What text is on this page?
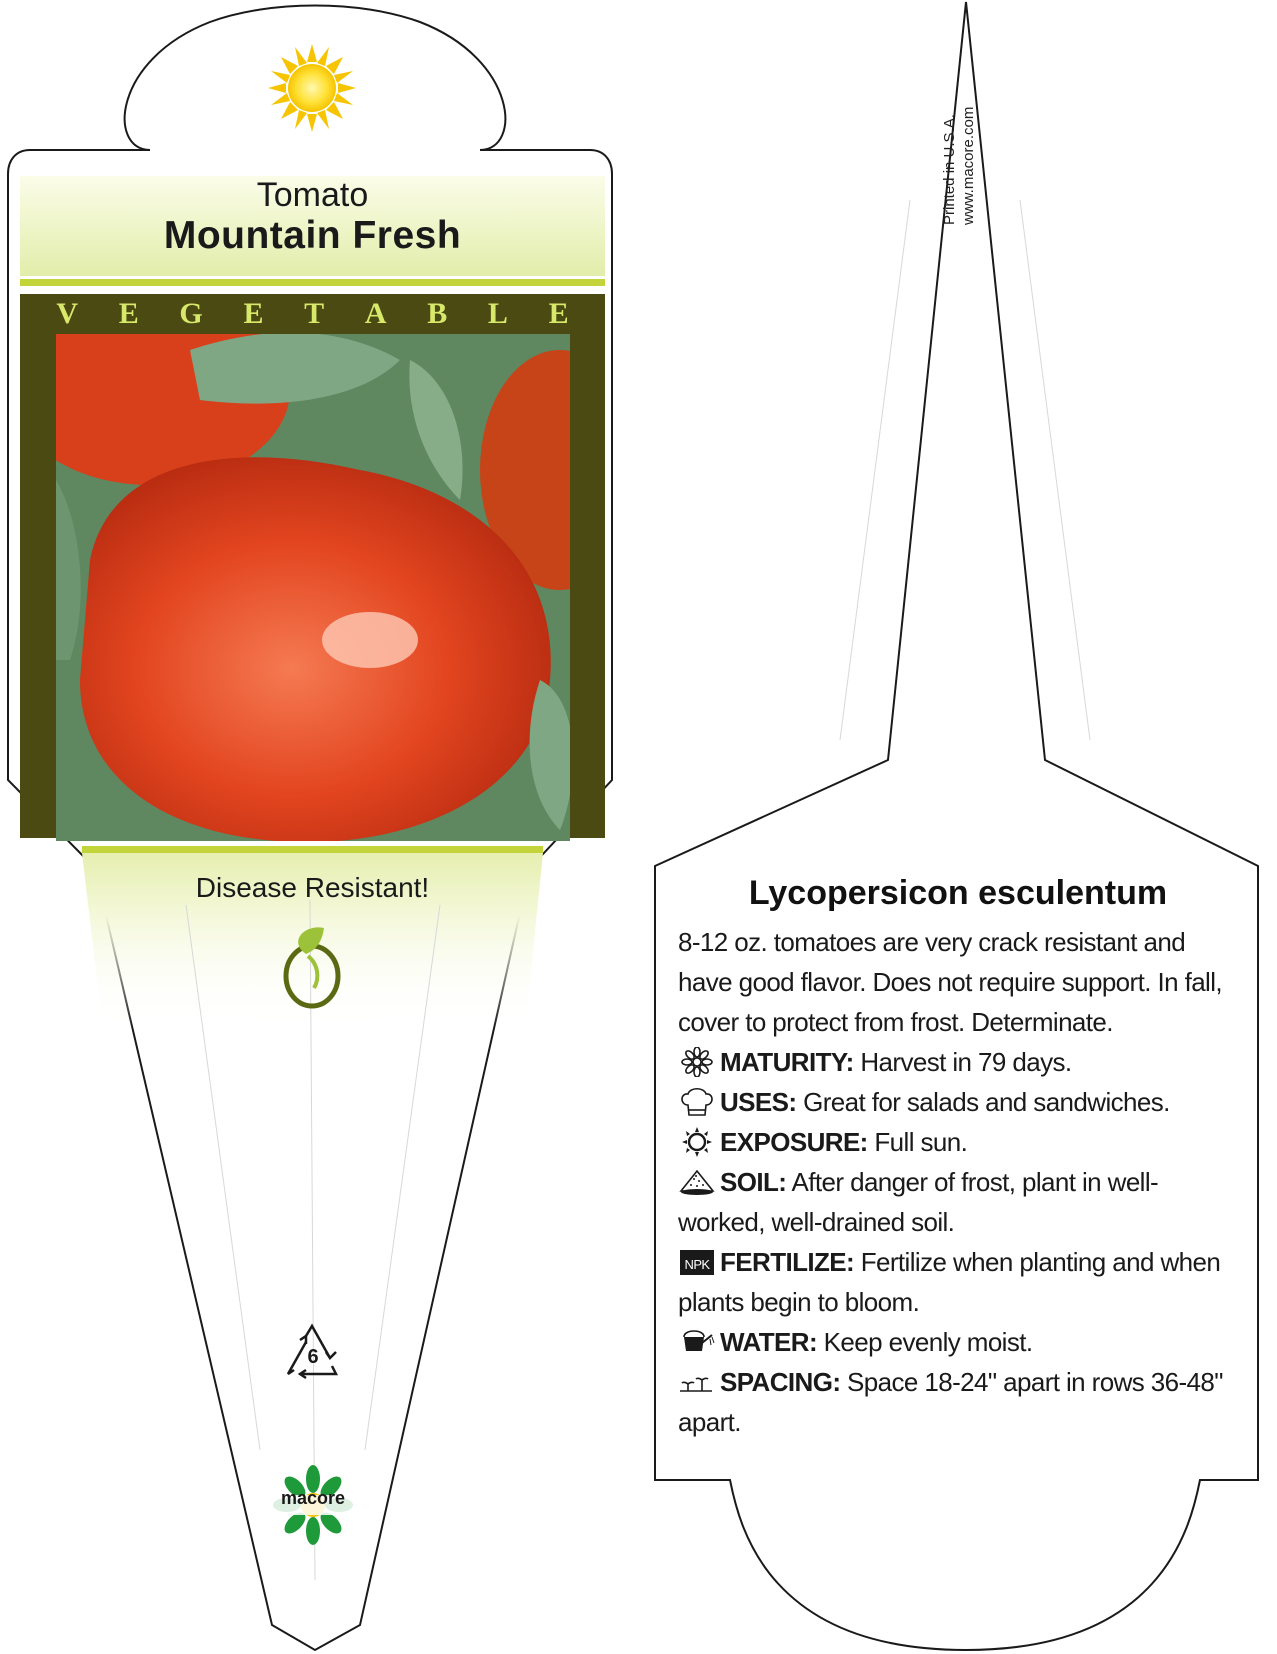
Tomato
Mountain Fresh
V E G E T A B L E
Disease Resistant!
6
macore
Printed in U.S.A. www.macore.com
Lycopersicon esculentum

8-12 oz. tomatoes are very crack resistant and have good flavor. Does not require support. In fall, cover to protect from frost. Determinate.

MATURITY: Harvest in 79 days.
USES: Great for salads and sandwiches.
EXPOSURE: Full sun.
SOIL: After danger of frost, plant in well-worked, well-drained soil.
NPK FERTILIZE: Fertilize when planting and when plants begin to bloom.
WATER: Keep evenly moist.
SPACING: Space 18-24" apart in rows 36-48" apart.
